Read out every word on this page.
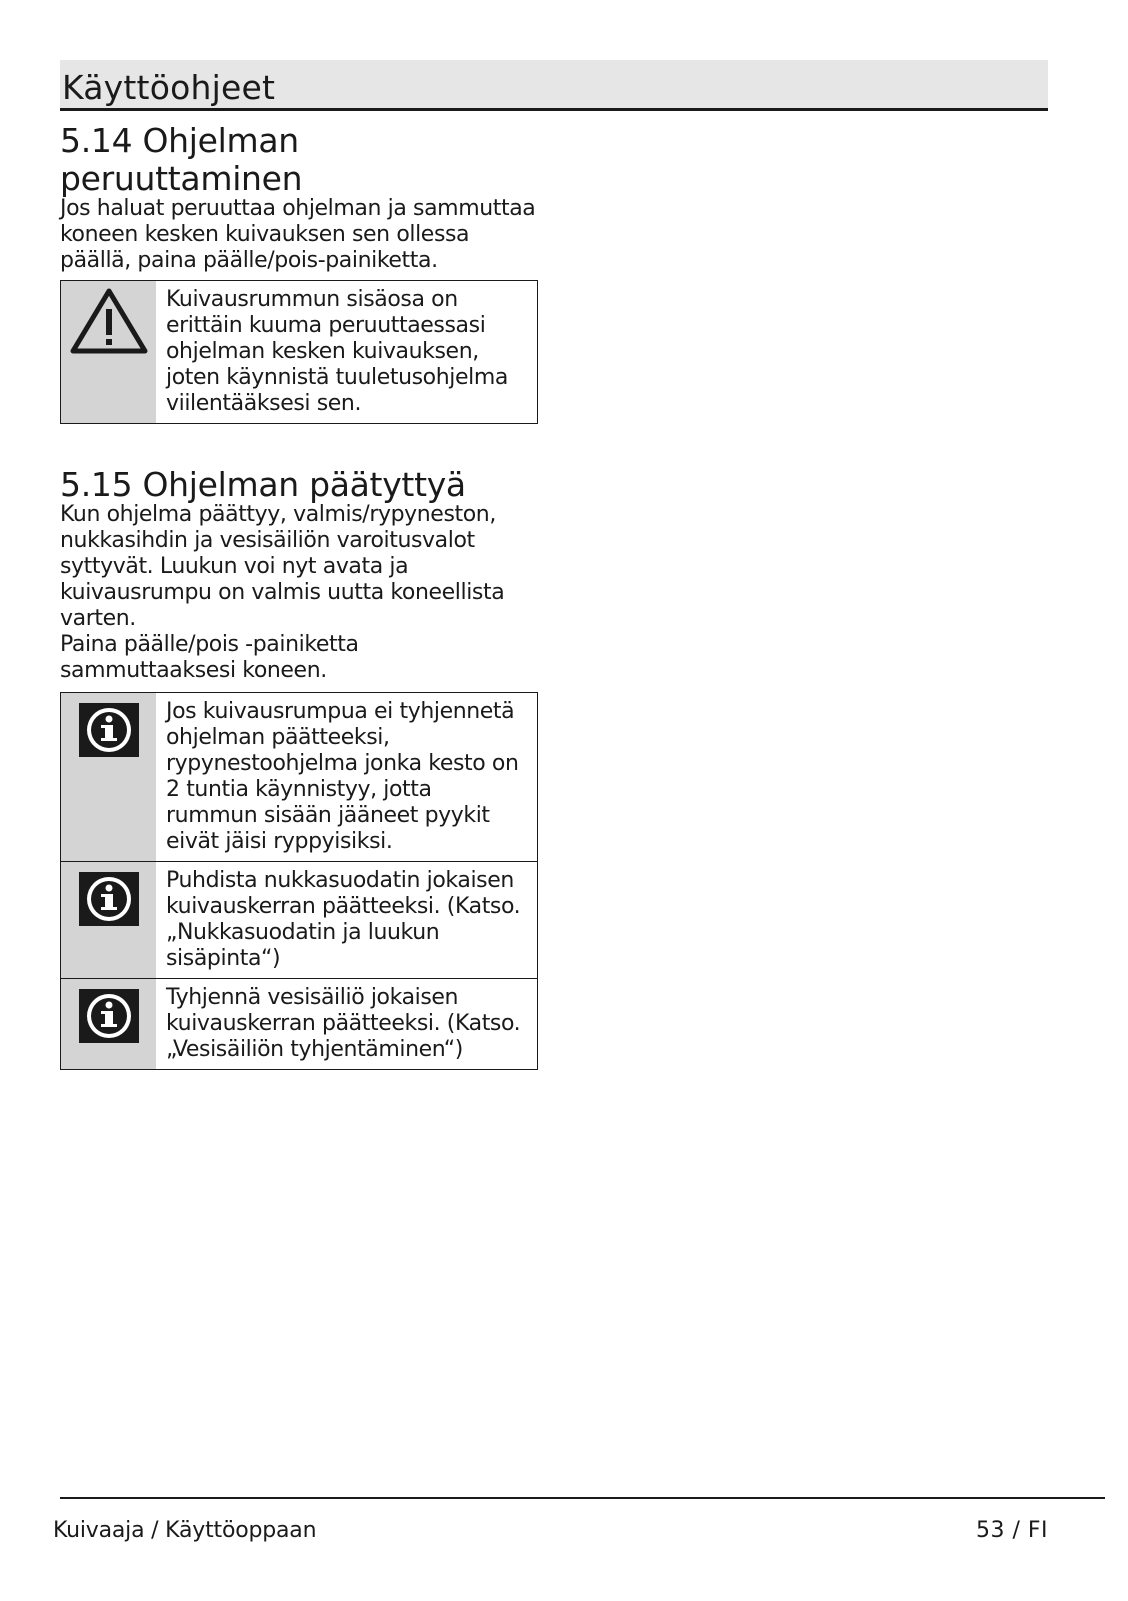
Käyttöohjeet
5.14 Ohjelman peruuttaminen

Jos haluat peruuttaa ohjelman ja sammuttaa koneen kesken kuivauksen sen ollessa päällä, paina päälle/pois-painiketta.

Kuivausrummun sisäosa on erittäin kuuma peruuttaessasi ohjelman kesken kuivauksen, joten käynnistä tuuletusohjelma viilentääksesi sen.
5.15 Ohjelman päätyttyä

Kun ohjelma päättyy, valmis/rypyneston, nukkasihdin ja vesisäiliön varoitusvalot syttyvät. Luukun voi nyt avata ja kuivausrumpu on valmis uutta koneellista varten.

Paina päälle/pois -painiketta sammuttaaksesi koneen.

Jos kuivausrumpua ei tyhjennetä ohjelman päätteeksi, rypynestoohjelma jonka kesto on 2 tuntia käynnistyy, jotta rummun sisään jääneet pyykit eivät jäisi ryppyisiksi.
Puhdista nukkasuodatin jokaisen kuivauskerran päätteeksi. (Katso. „Nukkasuodatin ja luukun sisäpinta“)
Tyhjennä vesisäiliö jokaisen kuivauskerran päätteeksi. (Katso. „Vesisäiliön tyhjentäminen“)
Kuivaaja / Käyttöoppaan	53 / FI
